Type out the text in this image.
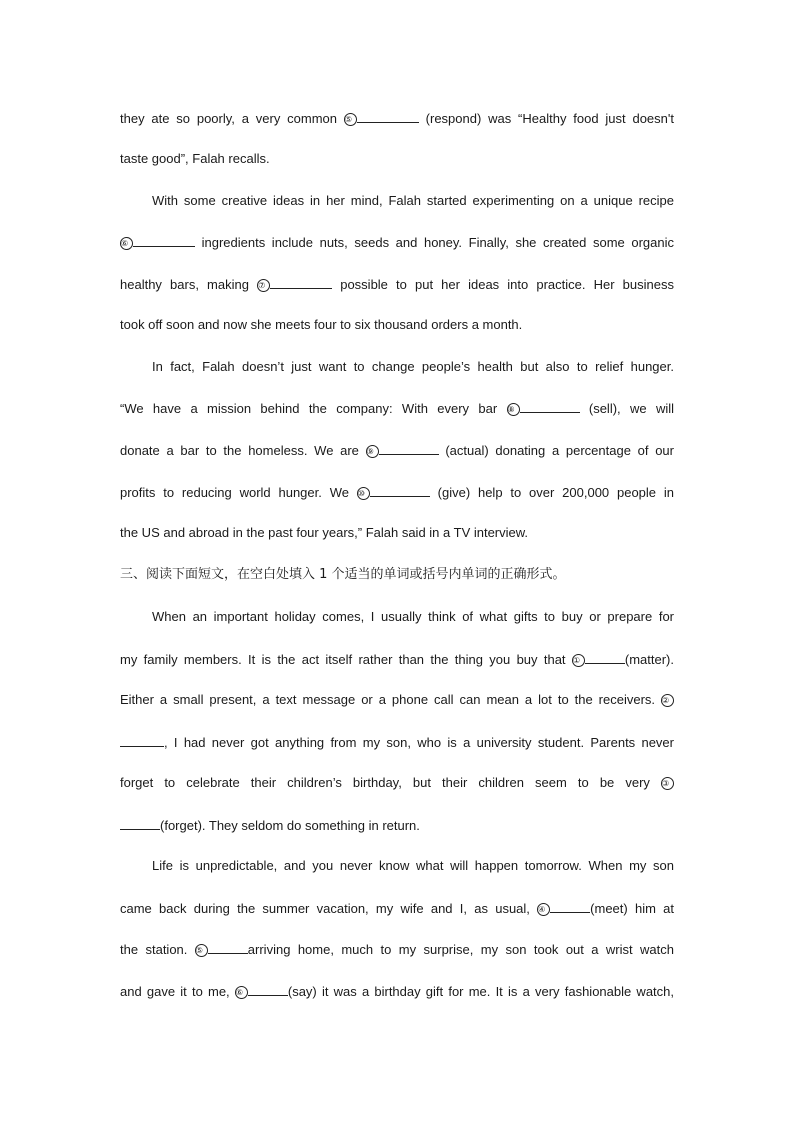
they ate so poorly, a very common ⑤	(respond) was “Healthy food just doesn't
taste good”, Falah recalls.
With some creative ideas in her mind, Falah started experimenting on a unique recipe
⑥	ingredients include nuts, seeds and honey. Finally, she created some organic
healthy bars, making ⑦	possible to put her ideas into practice. Her business
took off soon and now she meets four to six thousand orders a month.
In fact, Falah doesn’t just want to change people’s health but also to relief hunger.
“We have a mission behind the company: With every bar ⑧	(sell), we will
donate a bar to the homeless. We are ⑨	(actual) donating a percentage of our
profits to reducing world hunger. We ⑩	(give) help to over 200,000 people in
the US and abroad in the past four years,” Falah said in a TV interview.
三、阅读下面短文，在空白处填入 1 个适当的单词或括号内单词的正确形式。
When an important holiday comes, I usually think of what gifts to buy or prepare for
my family members. It is the act itself rather than the thing you buy that ①	(matter).
Either a small present, a text message or a phone call can mean a lot to the receivers. ②
, I had never got anything from my son, who is a university student. Parents never
forget to celebrate their children’s birthday, but their children seem to be very ③
(forget). They seldom do something in return.
Life is unpredictable, and you never know what will happen tomorrow. When my son
came back during the summer vacation, my wife and I, as usual, ④	(meet) him at
the station. ⑤	arriving home, much to my surprise, my son took out a wrist watch
and gave it to me, ⑥	(say) it was a birthday gift for me. It is a very fashionable watch,
